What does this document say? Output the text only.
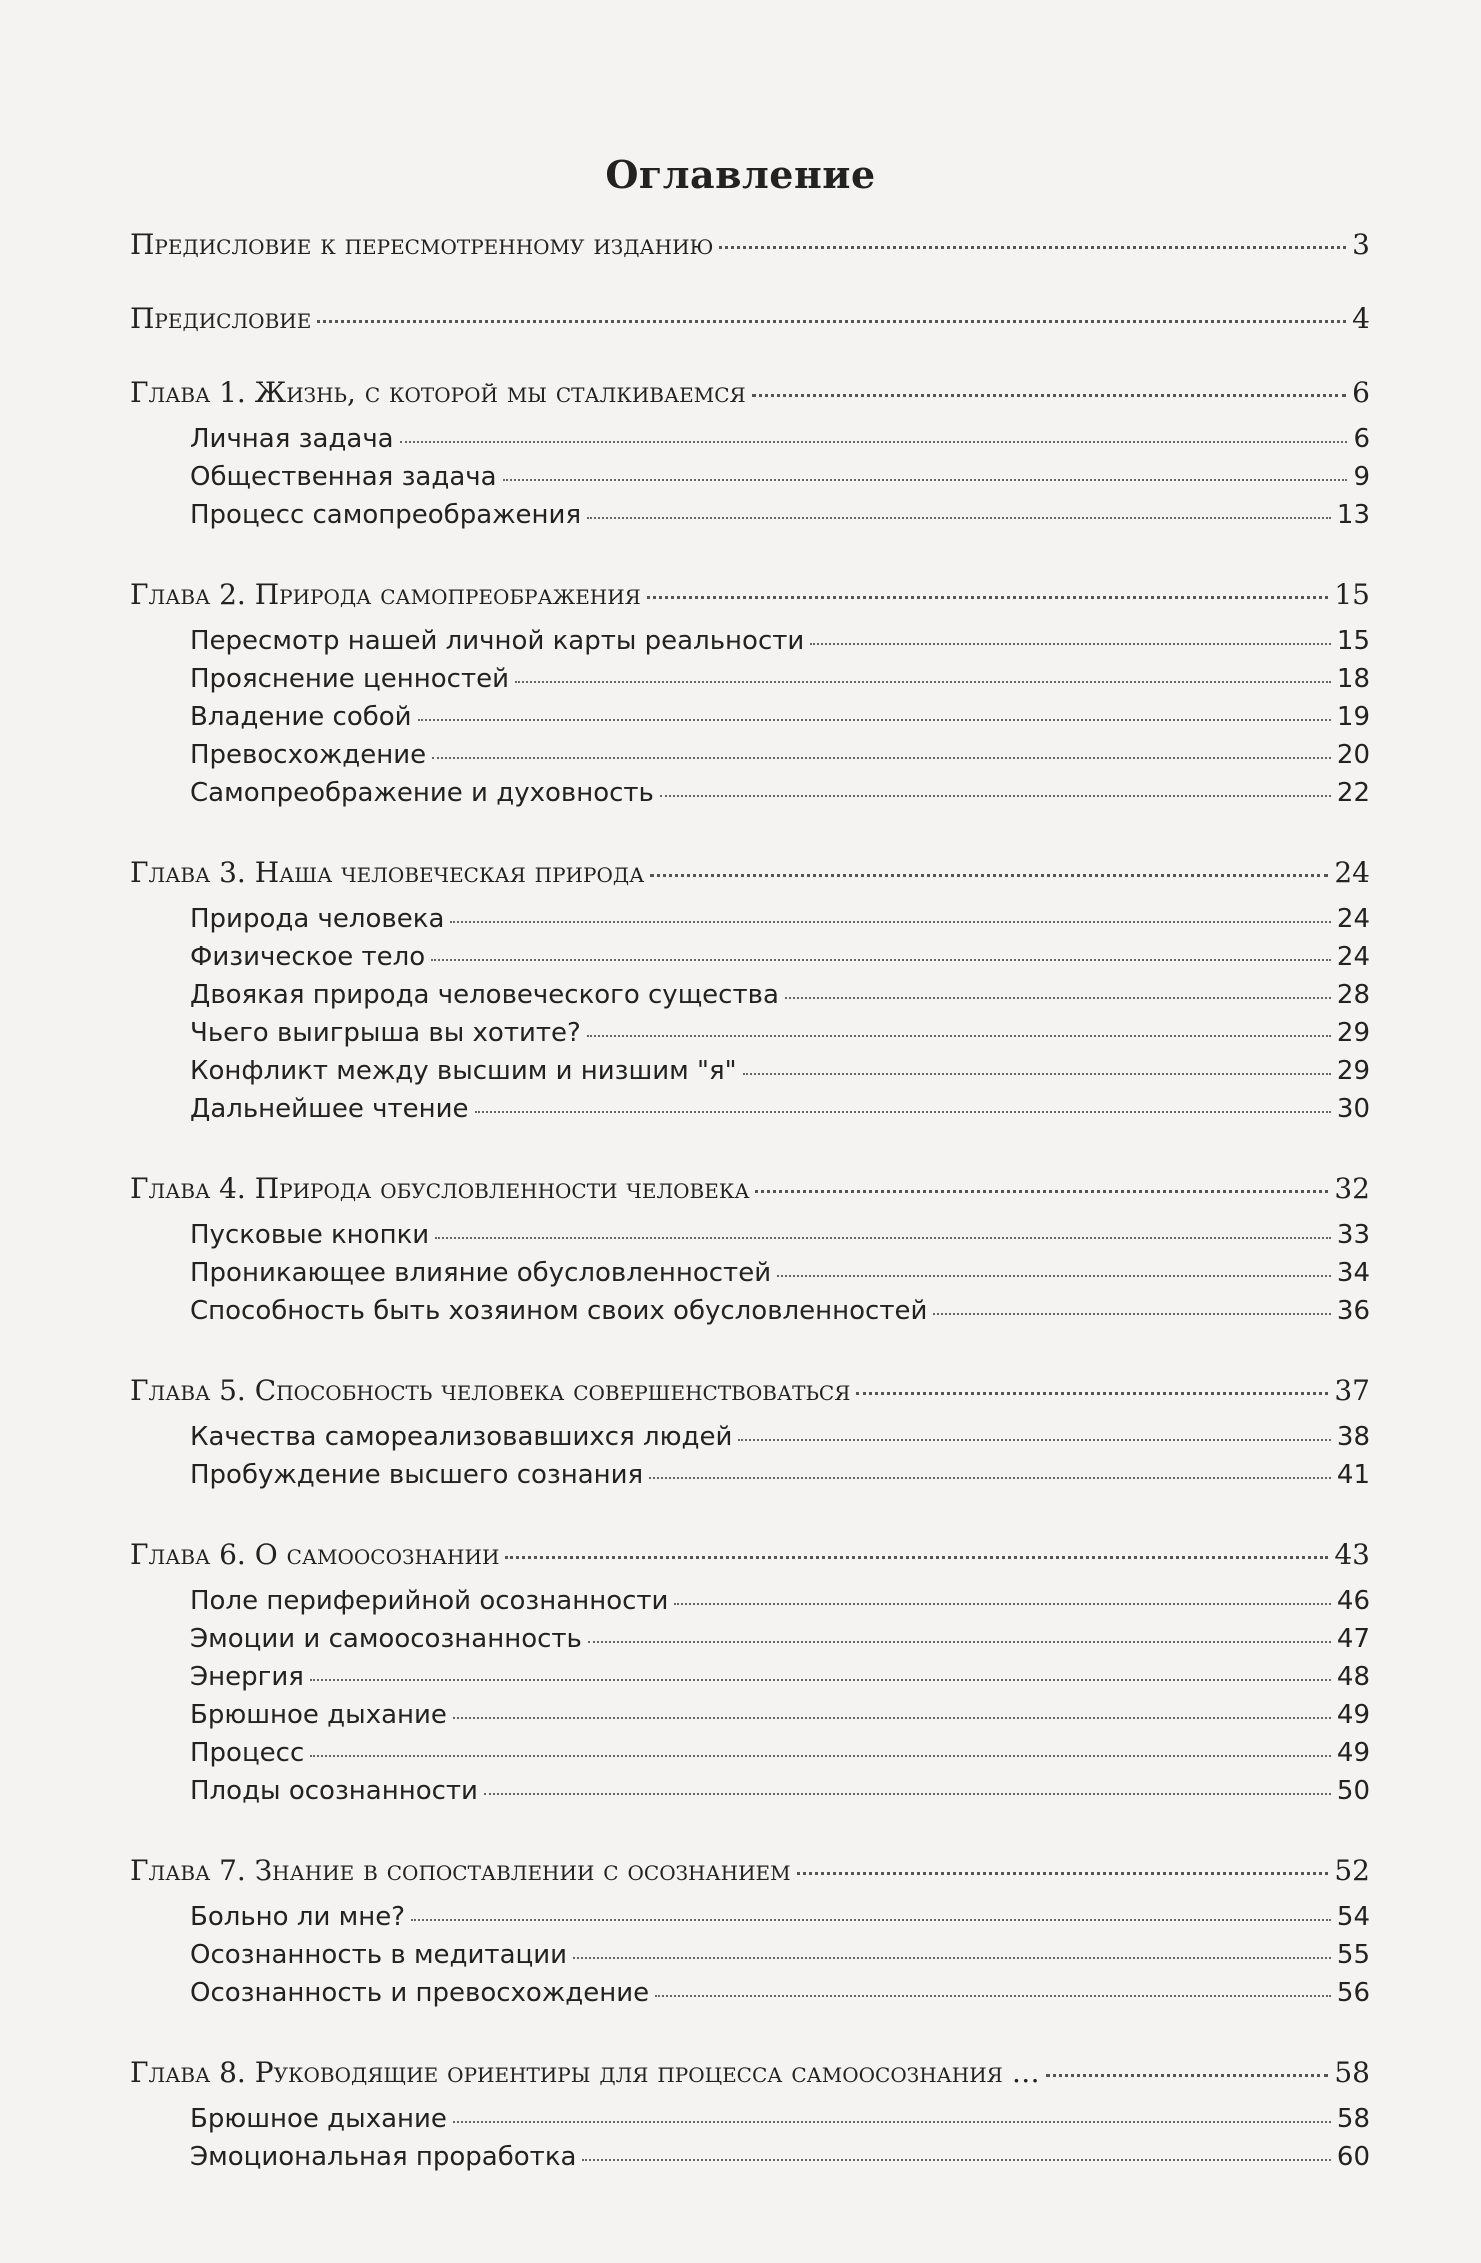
Оглавление
Предисловие к пересмотренному изданию	3
Предисловие	4
Глава 1. Жизнь, с которой мы сталкиваемся	6
Личная задача	6
Общественная задача	9
Процесс самопреображения	13
Глава 2. Природа самопреображения	15
Пересмотр нашей личной карты реальности	15
Прояснение ценностей	18
Владение собой	19
Превосхождение	20
Самопреображение и духовность	22
Глава 3. Наша человеческая природа	24
Природа человека	24
Физическое тело	24
Двоякая природа человеческого существа	28
Чьего выигрыша вы хотите?	29
Конфликт между высшим и низшим "я"	29
Дальнейшее чтение	30
Глава 4. Природа обусловленности человека	32
Пусковые кнопки	33
Проникающее влияние обусловленностей	34
Способность быть хозяином своих обусловленностей	36
Глава 5. Способность человека совершенствоваться	37
Качества самореализовавшихся людей	38
Пробуждение высшего сознания	41
Глава 6. О самоосознании	43
Поле периферийной осознанности	46
Эмоции и самоосознанность	47
Энергия	48
Брюшное дыхание	49
Процесс	49
Плоды осознанности	50
Глава 7. Знание в сопоставлении с осознанием	52
Больно ли мне?	54
Осознанность в медитации	55
Осознанность и превосхождение	56
Глава 8. Руководящие ориентиры для процесса самоосознания …	58
Брюшное дыхание	58
Эмоциональная проработка	60
